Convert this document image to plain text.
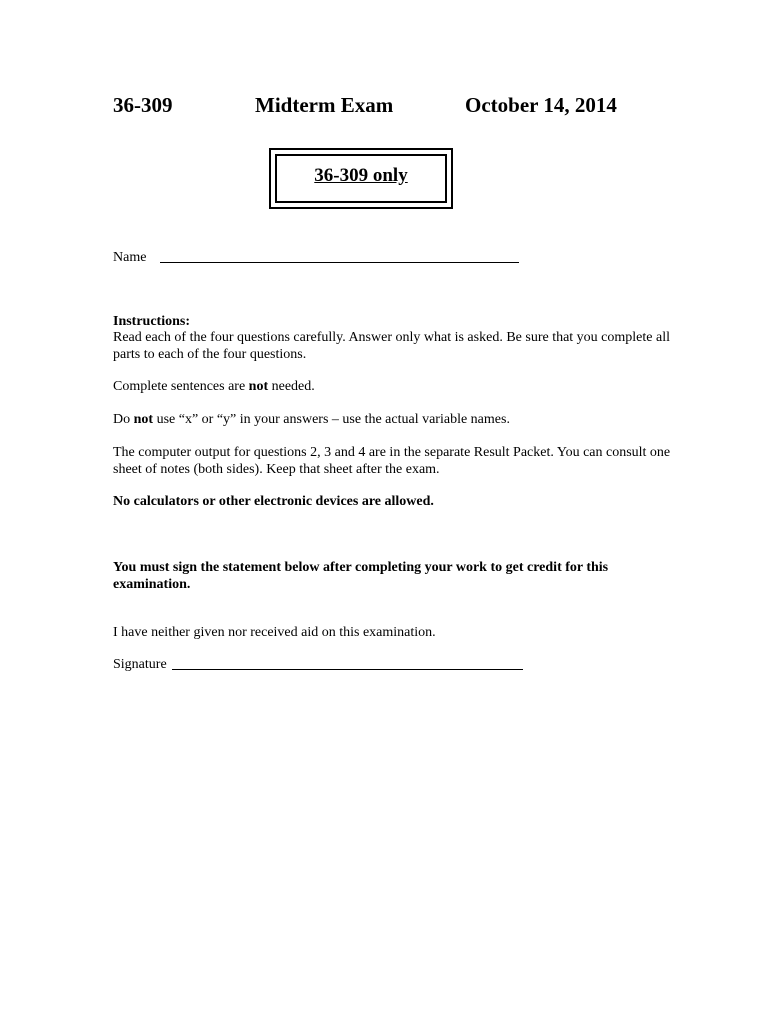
36-309	Midterm Exam	October 14, 2014
36-309 only
Name
Instructions:
Read each of the four questions carefully. Answer only what is asked. Be sure that you complete all parts to each of the four questions.
Complete sentences are not needed.
Do not use “x” or “y” in your answers – use the actual variable names.
The computer output for questions 2, 3 and 4 are in the separate Result Packet. You can consult one sheet of notes (both sides). Keep that sheet after the exam.
No calculators or other electronic devices are allowed.
You must sign the statement below after completing your work to get credit for this examination.
I have neither given nor received aid on this examination.
Signature
